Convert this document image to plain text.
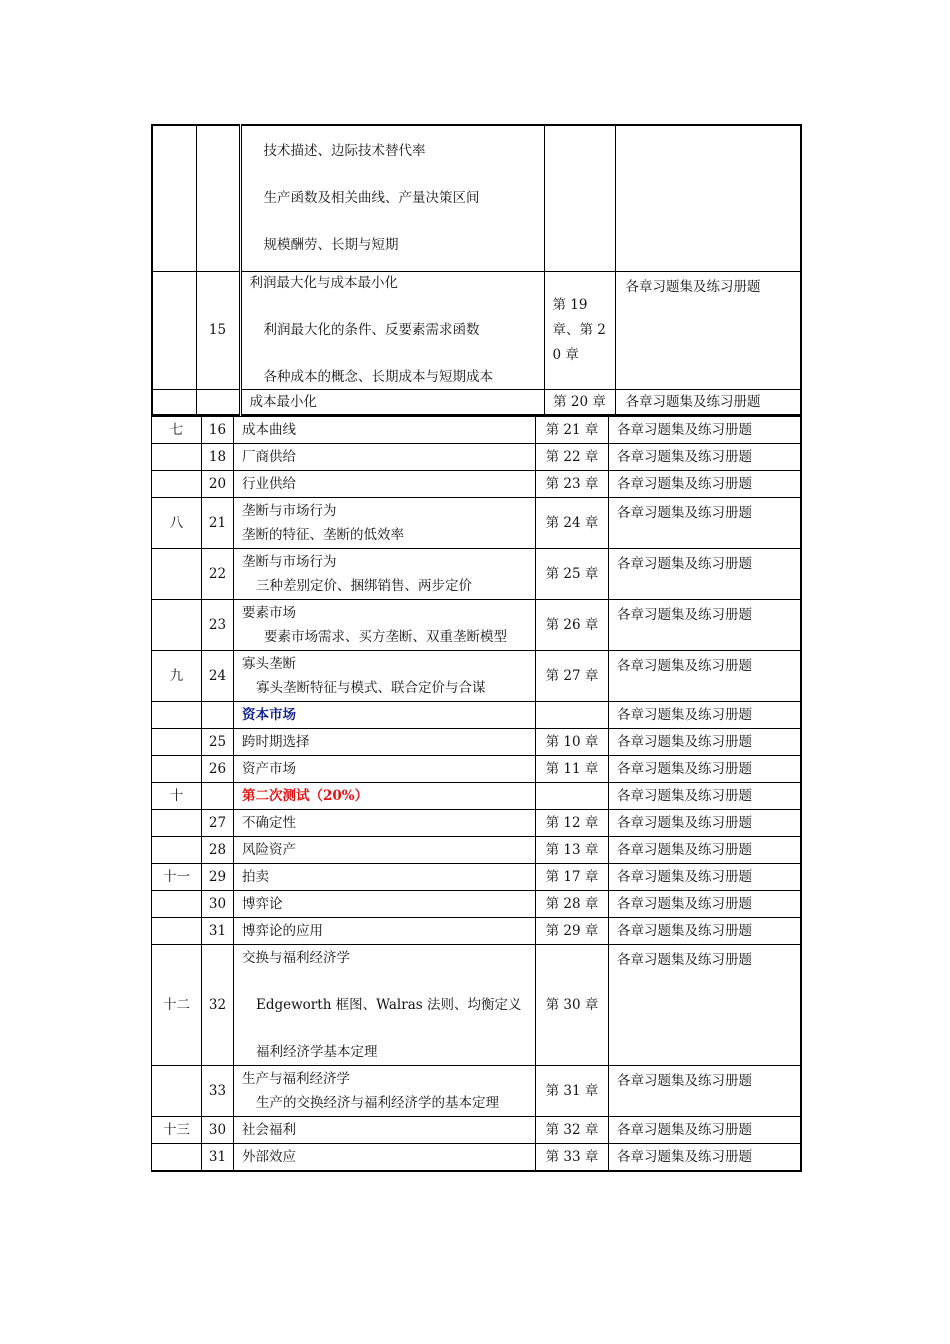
		技术描述、边际技术替代率
生产函数及相关曲线、产量决策区间
规模酬劳、长期与短期		

	15	利润最大化与成本最小化
利润最大化的条件、反要素需求函数
各种成本的概念、长期成本与短期成本	第 19 章、第 20 章	各章习题集及练习册题

		成本最小化	第 20 章	各章习题集及练习册题
七	16	成本曲线	第 21 章	各章习题集及练习册题
	18	厂商供给	第 22 章	各章习题集及练习册题
	20	行业供给	第 23 章	各章习题集及练习册题
八	21	垄断与市场行为
垄断的特征、垄断的低效率	第 24 章	各章习题集及练习册题
	22	垄断与市场行为
三种差别定价、捆绑销售、两步定价	第 25 章	各章习题集及练习册题
	23	要素市场
要素市场需求、买方垄断、双重垄断模型	第 26 章	各章习题集及练习册题
九	24	寡头垄断
寡头垄断特征与模式、联合定价与合谋	第 27 章	各章习题集及练习册题

		资本市场		各章习题集及练习册题
	25	跨时期选择	第 10 章	各章习题集及练习册题
	26	资产市场	第 11 章	各章习题集及练习册题
十		第二次测试（20%）		各章习题集及练习册题
	27	不确定性	第 12 章	各章习题集及练习册题
	28	风险资产	第 13 章	各章习题集及练习册题
十一	29	拍卖	第 17 章	各章习题集及练习册题
	30	博弈论	第 28 章	各章习题集及练习册题
	31	博弈论的应用	第 29 章	各章习题集及练习册题
十二	32	交换与福利经济学
Edgeworth 框图、Walras 法则、均衡定义
福利经济学基本定理	第 30 章	各章习题集及练习册题
	33	生产与福利经济学
生产的交换经济与福利经济学的基本定理	第 31 章	各章习题集及练习册题
十三	30	社会福利	第 32 章	各章习题集及练习册题
	31	外部效应	第 33 章	各章习题集及练习册题
